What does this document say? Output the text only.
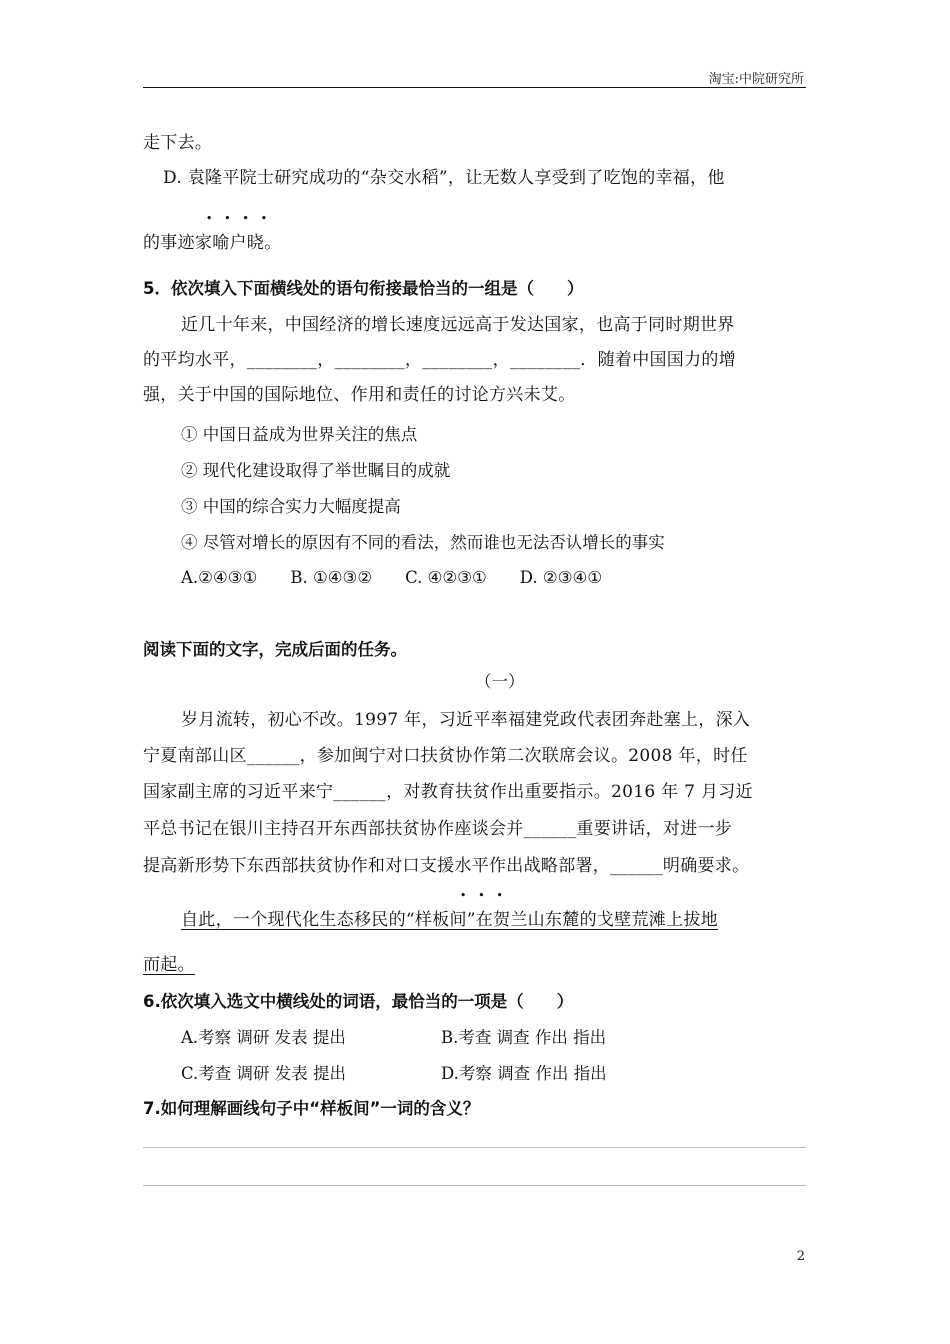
淘宝:中院研究所
走下去。
D. 袁隆平院士研究成功的“杂交水稻”，让无数人享受到了吃饱的幸福，他
....
的事迹家喻户晓。
5．依次填入下面横线处的语句衔接最恰当的一组是（　　）
近几十年来，中国经济的增长速度远远高于发达国家，也高于同时期世界
的平均水平，________，________，________，________．随着中国国力的增
强，关于中国的国际地位、作用和责任的讨论方兴未艾。
① 中国日益成为世界关注的焦点
② 现代化建设取得了举世瞩目的成就
③ 中国的综合实力大幅度提高
④ 尽管对增长的原因有不同的看法，然而谁也无法否认增长的事实
A.②④③①　　B. ①④③②　　C. ④②③①　　D. ②③④①
阅读下面的文字，完成后面的任务。
（一）
岁月流转，初心不改。1997 年，习近平率福建党政代表团奔赴塞上，深入
宁夏南部山区______，参加闽宁对口扶贫协作第二次联席会议。2008 年，时任
国家副主席的习近平来宁______，对教育扶贫作出重要指示。2016 年 7 月习近
平总书记在银川主持召开东西部扶贫协作座谈会并______重要讲话，对进一步
提高新形势下东西部扶贫协作和对口支援水平作出战略部署，______明确要求。
...
自此，一个现代化生态移民的“样板间”在贺兰山东麓的戈壁荒滩上拔地
而起。
6.依次填入选文中横线处的词语，最恰当的一项是（　　）
A.考察 调研 发表 提出	B.考查 调查 作出 指出
C.考查 调研 发表 提出	D.考察 调查 作出 指出
7.如何理解画线句子中“样板间”一词的含义？
2
